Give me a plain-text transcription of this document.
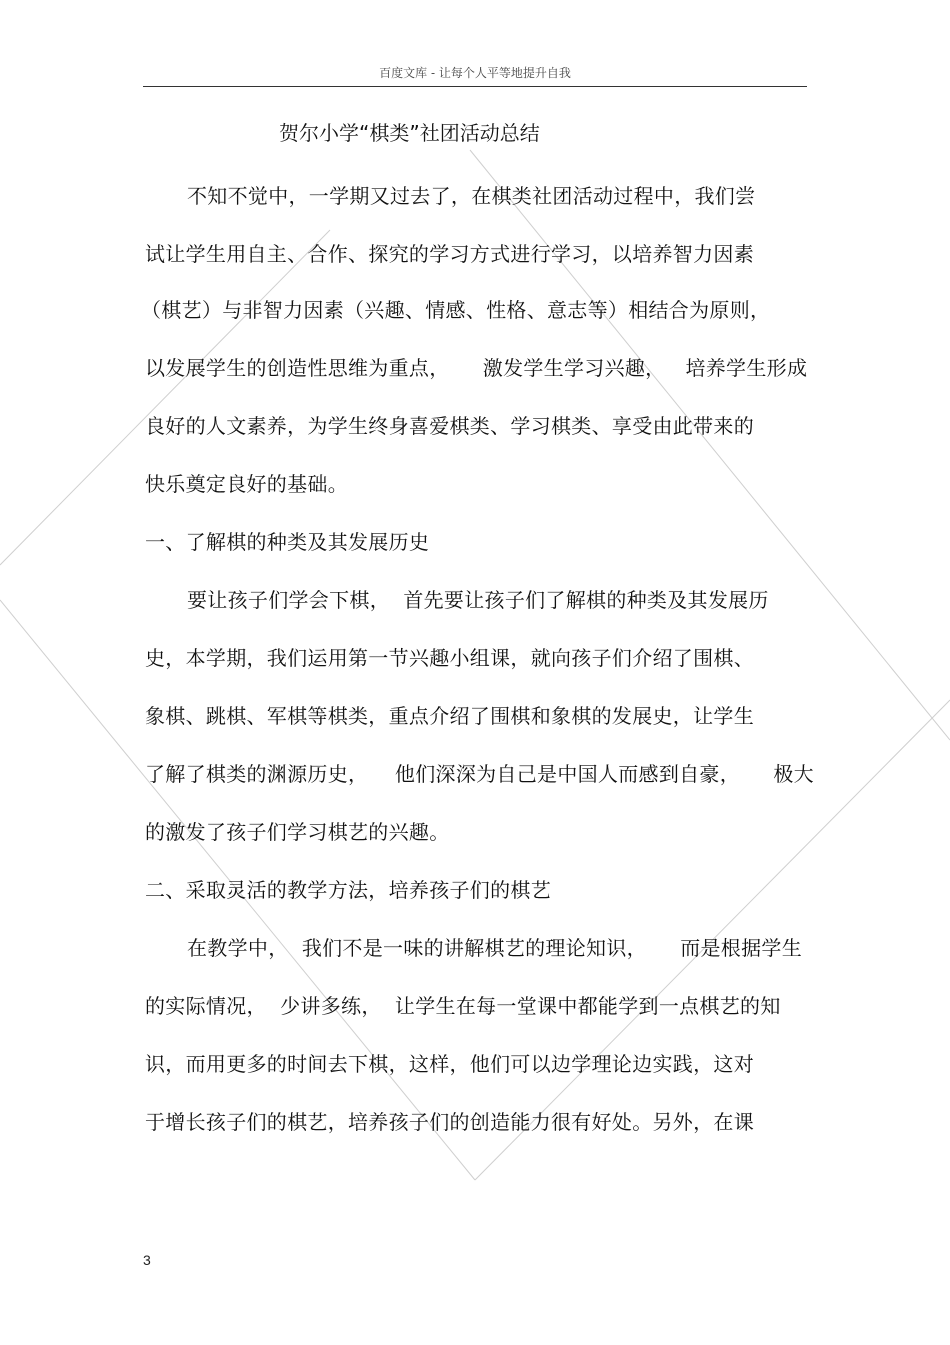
百度文库 - 让每个人平等地提升自我
贺尔小学“棋类”社团活动总结
不知不觉中，一学期又过去了，在棋类社团活动过程中，我们尝
试让学生用自主、合作、探究的学习方式进行学习，以培养智力因素
（棋艺）与非智力因素（兴趣、情感、性格、意志等）相结合为原则，
以发展学生的创造性思维为重点，     激发学生学习兴趣，   培养学生形成
良好的人文素养，为学生终身喜爱棋类、学习棋类、享受由此带来的
快乐奠定良好的基础。
一、了解棋的种类及其发展历史
要让孩子们学会下棋，  首先要让孩子们了解棋的种类及其发展历
史，本学期，我们运用第一节兴趣小组课，就向孩子们介绍了围棋、
象棋、跳棋、军棋等棋类，重点介绍了围棋和象棋的发展史，让学生
了解了棋类的渊源历史，    他们深深为自己是中国人而感到自豪，     极大
的激发了孩子们学习棋艺的兴趣。
二、采取灵活的教学方法，培养孩子们的棋艺
在教学中，  我们不是一味的讲解棋艺的理论知识，     而是根据学生
的实际情况，  少讲多练，  让学生在每一堂课中都能学到一点棋艺的知
识，而用更多的时间去下棋，这样，他们可以边学理论边实践，这对
于增长孩子们的棋艺，培养孩子们的创造能力很有好处。另外，在课
3
